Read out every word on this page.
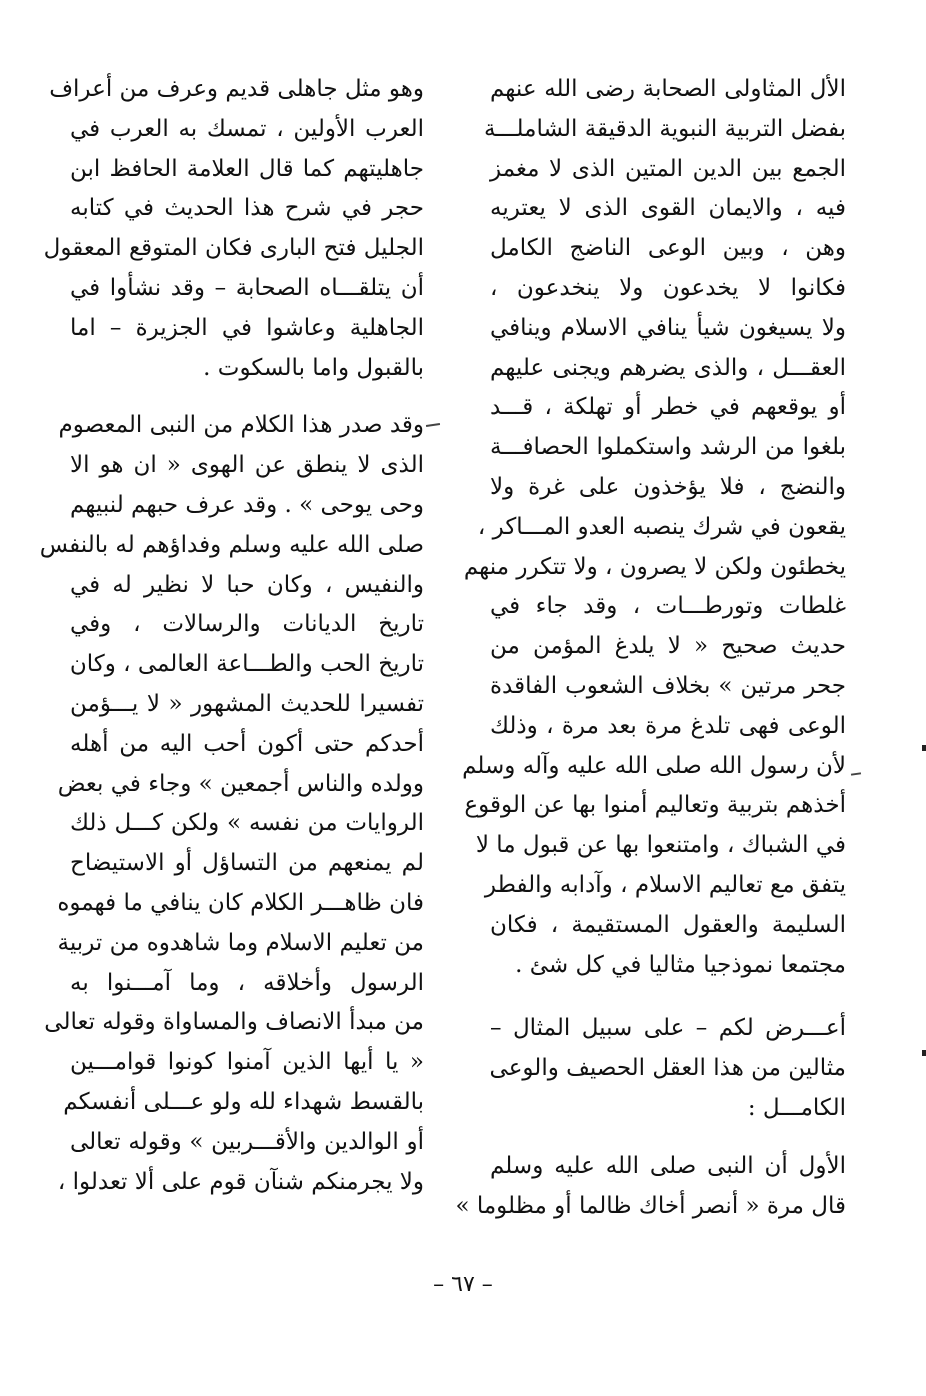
الأل المثاولى الصحابة رضى الله عنهم
بفضل التربية النبوية الدقيقة الشاملـــة
الجمع بين الدين المتين الذى لا مغمز
فيه ، والايمان القوى الذى لا يعتريه
وهن ، وبين الوعى الناضج الكامل
فكانوا لا يخدعون ولا ينخدعون ،
ولا يسيغون شيأ ينافي الاسلام وينافي
العقـــل ، والذى يضرهم ويجنى عليهم
أو يوقعهم في خطر أو تهلكة ، قـــد
بلغوا من الرشد واستكملوا الحصافـــة
والنضج ، فلا يؤخذون على غرة ولا
يقعون في شرك ينصبه العدو المـــاكر ،
يخطئون ولكن لا يصرون ، ولا تتكرر منهم
غلطات وتورطـــات ، وقد جاء في
حديث صحيح « لا يلدغ المؤمن من
جحر مرتين » بخلاف الشعوب الفاقدة
الوعى فهى تلدغ مرة بعد مرة ، وذلك
لأن رسول الله صلى الله عليه وآله وسلم
أخذهم بتربية وتعاليم أمنوا بها عن الوقوع
في الشباك ، وامتنعوا بها عن قبول ما لا
يتفق مع تعاليم الاسلام ، وآدابه والفطر
السليمة والعقول المستقيمة ، فكان
مجتمعا نموذجيا مثاليا في كل شئ .
أعـــرض لكم – على سبيل المثال –
مثالين من هذا العقل الحصيف والوعى
الكامـــل :
الأول أن النبى صلى الله عليه وسلم
قال مرة « أنصر أخاك ظالما أو مظلوما »
وهو مثل جاهلى قديم وعرف من أعراف
العرب الأولين ، تمسك به العرب في
جاهليتهم كما قال العلامة الحافظ ابن
حجر في شرح هذا الحديث في كتابه
الجليل فتح البارى فكان المتوقع المعقول
أن يتلقـــاه الصحابة – وقد نشأوا في
الجاهلية وعاشوا في الجزيرة – اما
بالقبول واما بالسكوت .
وقد صدر هذا الكلام من النبى المعصوم
الذى لا ينطق عن الهوى « ان هو الا
وحى يوحى » . وقد عرف حبهم لنبيهم
صلى الله عليه وسلم وفداؤهم له بالنفس
والنفيس ، وكان حبا لا نظير له في
تاريخ الديانات والرسالات ، وفي
تاريخ الحب والطـــاعة العالمى ، وكان
تفسيرا للحديث المشهور « لا يـــؤمن
أحدكم حتى أكون أحب اليه من أهله
وولده والناس أجمعين » وجاء في بعض
الروايات من نفسه » ولكن كـــل ذلك
لم يمنعهم من التساؤل أو الاستيضاح
فان ظاهـــر الكلام كان ينافي ما فهموه
من تعليم الاسلام وما شاهدوه من تربية
الرسول وأخلاقه ، وما آمـــنوا به
من مبدأ الانصاف والمساواة وقوله تعالى
« يا أيها الذين آمنوا كونوا قوامـــين
بالقسط شهداء لله ولو عـــلى أنفسكم
أو الوالدين والأقـــربين » وقوله تعالى
ولا يجرمنكم شنآن قوم على ألا تعدلوا ،
– ٦٧ –
